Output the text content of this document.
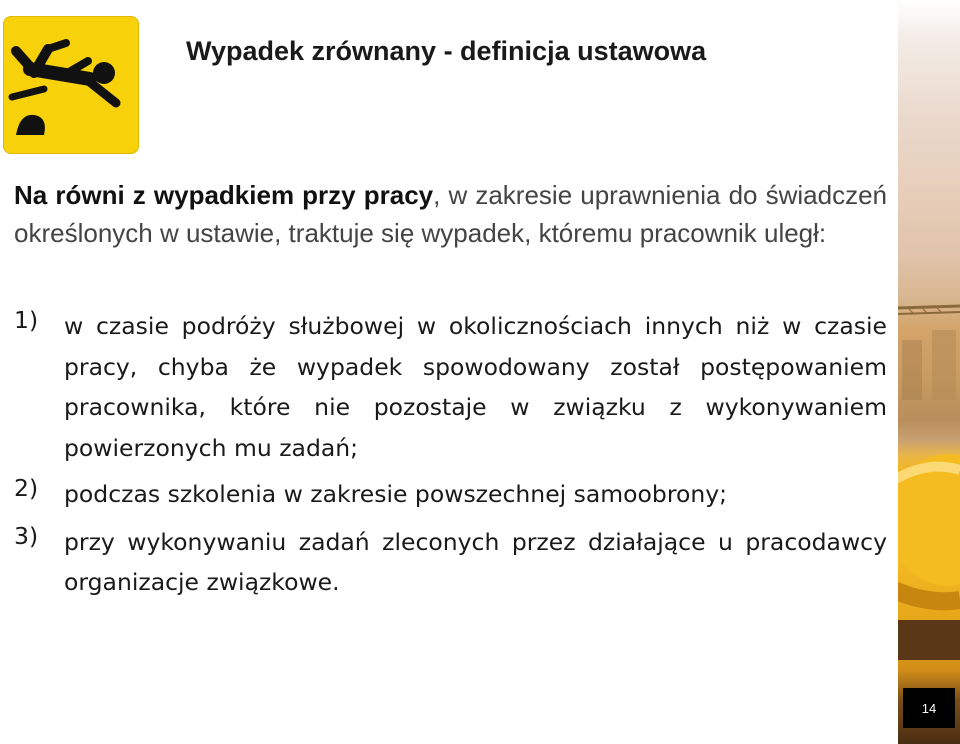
Wypadek zrównany - definicja ustawowa
Na równi z wypadkiem przy pracy, w zakresie uprawnienia do świadczeń określonych w ustawie, traktuje się wypadek, któremu pracownik uległ:
1) w czasie podróży służbowej w okolicznościach innych niż w czasie pracy, chyba że wypadek spowodowany został postępowaniem pracownika, które nie pozostaje w związku z wykonywaniem powierzonych mu zadań;
2) podczas szkolenia w zakresie powszechnej samoobrony;
3) przy wykonywaniu zadań zleconych przez działające u pracodawcy organizacje związkowe.
14
